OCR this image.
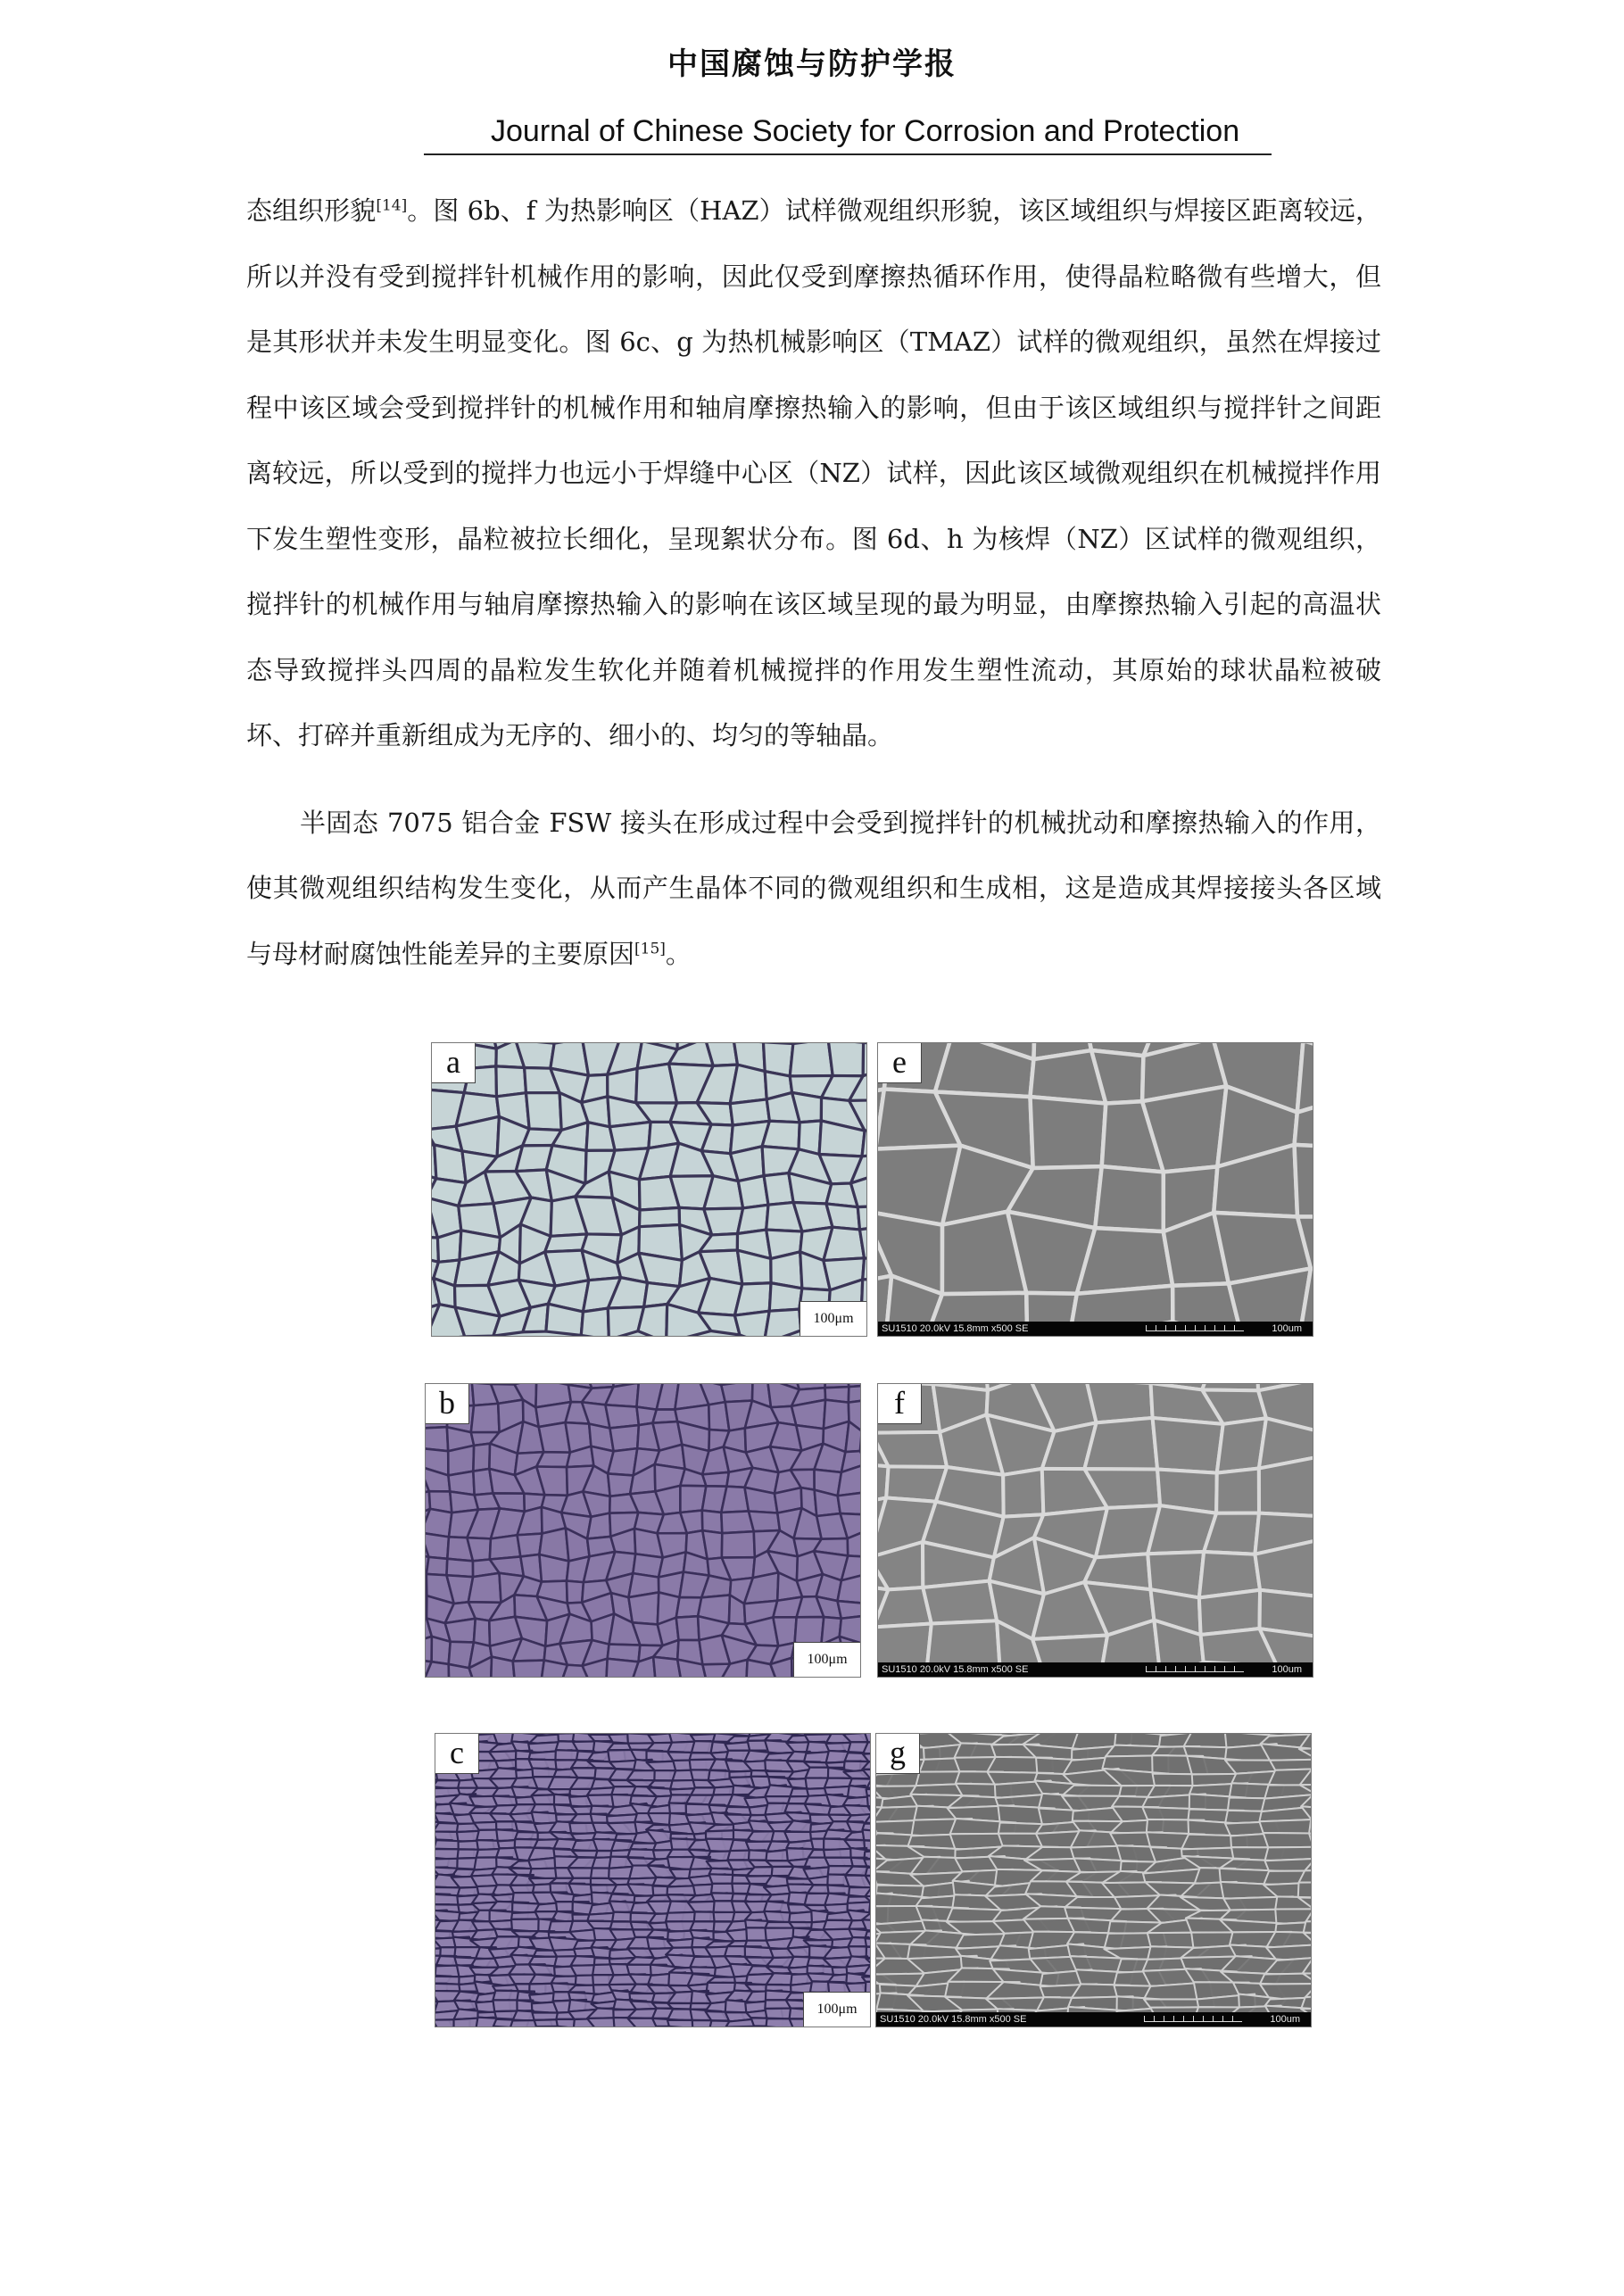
中国腐蚀与防护学报
Journal of Chinese Society for Corrosion and Protection

态组织形貌[14]。图 6b、f 为热影响区（HAZ）试样微观组织形貌，该区域组织与焊接区距离较远，所以并没有受到搅拌针机械作用的影响，因此仅受到摩擦热循环作用，使得晶粒略微有些增大，但是其形状并未发生明显变化。图 6c、g 为热机械影响区（TMAZ）试样的微观组织，虽然在焊接过程中该区域会受到搅拌针的机械作用和轴肩摩擦热输入的影响，但由于该区域组织与搅拌针之间距离较远，所以受到的搅拌力也远小于焊缝中心区（NZ）试样，因此该区域微观组织在机械搅拌作用下发生塑性变形，晶粒被拉长细化，呈现絮状分布。图 6d、h 为核焊（NZ）区试样的微观组织，搅拌针的机械作用与轴肩摩擦热输入的影响在该区域呈现的最为明显，由摩擦热输入引起的高温状态导致搅拌头四周的晶粒发生软化并随着机械搅拌的作用发生塑性流动，其原始的球状晶粒被破坏、打碎并重新组成为无序的、细小的、均匀的等轴晶。

半固态 7075 铝合金 FSW 接头在形成过程中会受到搅拌针的机械扰动和摩擦热输入的作用，使其微观组织结构发生变化，从而产生晶体不同的微观组织和生成相，这是造成其焊接接头各区域与母材耐腐蚀性能差异的主要原因[15]。

a
100μm
e
SU1510 20.0kV 15.8mm x500 SE	100um
b
100μm
f
SU1510 20.0kV 15.8mm x500 SE	100um
c
100μm
g
SU1510 20.0kV 15.8mm x500 SE	100um
